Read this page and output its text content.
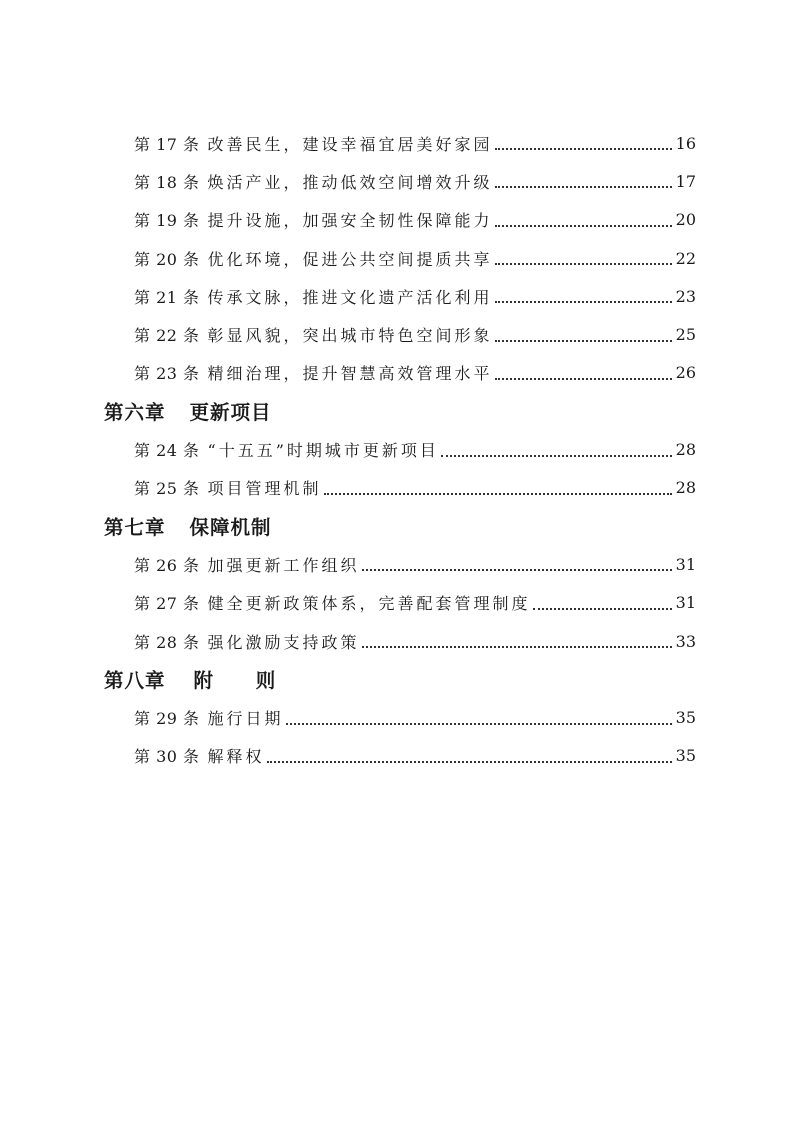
第 17 条 改善民生，建设幸福宜居美好家园	16
第 18 条 焕活产业，推动低效空间增效升级	17
第 19 条 提升设施，加强安全韧性保障能力	20
第 20 条 优化环境，促进公共空间提质共享	22
第 21 条 传承文脉，推进文化遗产活化利用	23
第 22 条 彰显风貌，突出城市特色空间形象	25
第 23 条 精细治理，提升智慧高效管理水平	26
第六章 更新项目
第 24 条 “十五五”时期城市更新项目	28
第 25 条 项目管理机制	28
第七章 保障机制
第 26 条 加强更新工作组织	31
第 27 条 健全更新政策体系，完善配套管理制度	31
第 28 条 强化激励支持政策	33
第八章 附 则
第 29 条 施行日期	35
第 30 条 解释权	35
